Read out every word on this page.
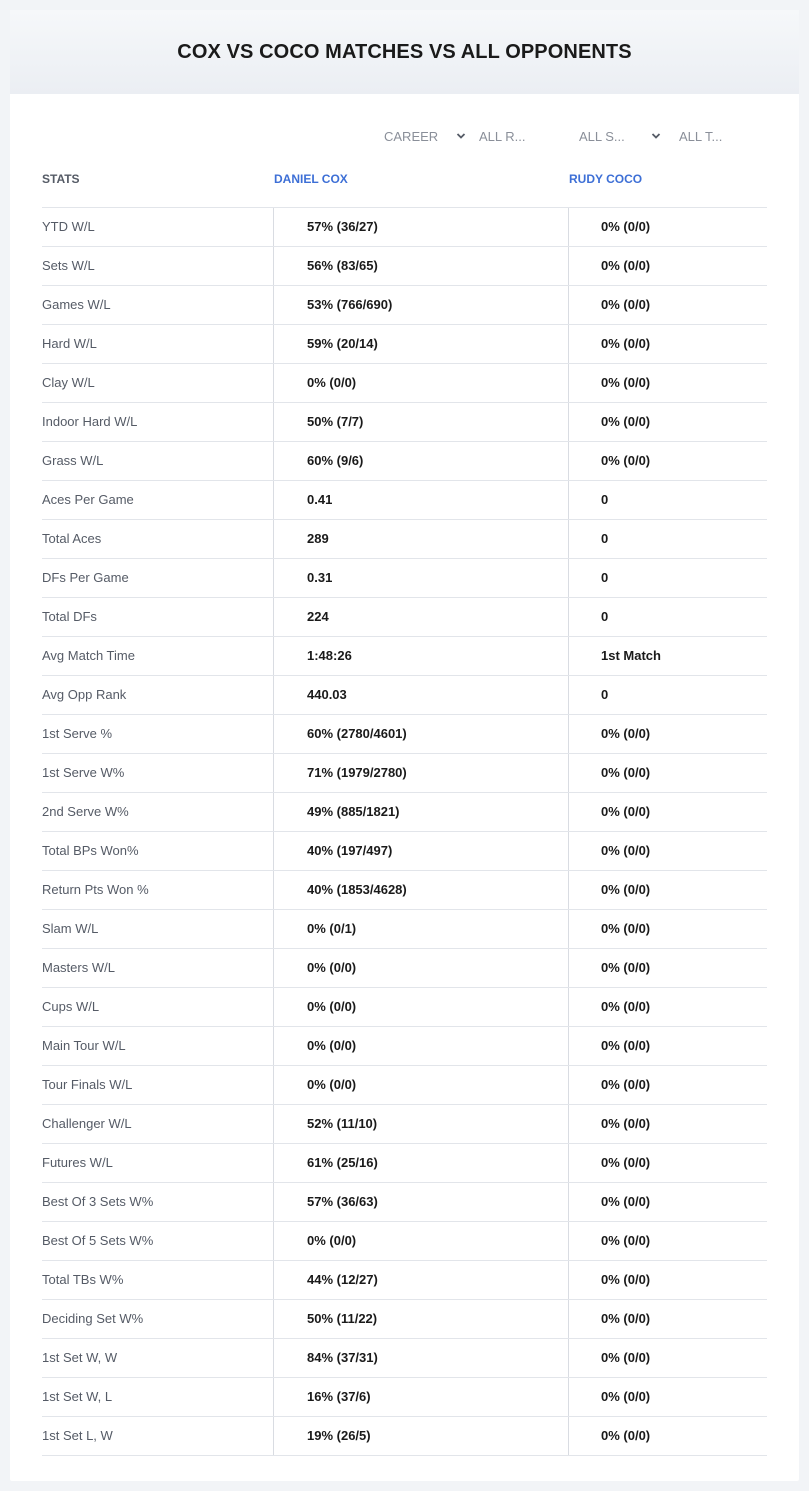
COX VS COCO MATCHES VS ALL OPPONENTS
CAREER	ALL R...	ALL S...	ALL T...
STATS	DANIEL COX	RUDY COCO
YTD W/L	57% (36/27)	0% (0/0)
Sets W/L	56% (83/65)	0% (0/0)
Games W/L	53% (766/690)	0% (0/0)
Hard W/L	59% (20/14)	0% (0/0)
Clay W/L	0% (0/0)	0% (0/0)
Indoor Hard W/L	50% (7/7)	0% (0/0)
Grass W/L	60% (9/6)	0% (0/0)
Aces Per Game	0.41	0
Total Aces	289	0
DFs Per Game	0.31	0
Total DFs	224	0
Avg Match Time	1:48:26	1st Match
Avg Opp Rank	440.03	0
1st Serve %	60% (2780/4601)	0% (0/0)
1st Serve W%	71% (1979/2780)	0% (0/0)
2nd Serve W%	49% (885/1821)	0% (0/0)
Total BPs Won%	40% (197/497)	0% (0/0)
Return Pts Won %	40% (1853/4628)	0% (0/0)
Slam W/L	0% (0/1)	0% (0/0)
Masters W/L	0% (0/0)	0% (0/0)
Cups W/L	0% (0/0)	0% (0/0)
Main Tour W/L	0% (0/0)	0% (0/0)
Tour Finals W/L	0% (0/0)	0% (0/0)
Challenger W/L	52% (11/10)	0% (0/0)
Futures W/L	61% (25/16)	0% (0/0)
Best Of 3 Sets W%	57% (36/63)	0% (0/0)
Best Of 5 Sets W%	0% (0/0)	0% (0/0)
Total TBs W%	44% (12/27)	0% (0/0)
Deciding Set W%	50% (11/22)	0% (0/0)
1st Set W, W	84% (37/31)	0% (0/0)
1st Set W, L	16% (37/6)	0% (0/0)
1st Set L, W	19% (26/5)	0% (0/0)
